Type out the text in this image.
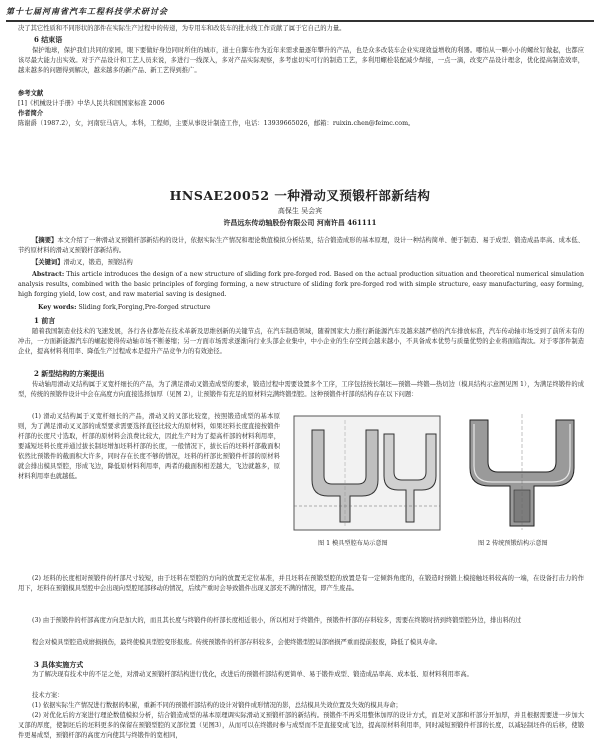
第十七届河南省汽车工程科技学术研讨会
决了其它性质和不同形状的部件在实际生产过程中的传递，为专用车和改装车的批水线工作贡献了属于它自己的力量。
6 结束语
保护地球，保护我们共同的家园，眼下要做好身边同时所住的城市，道士自脚车作为近年来需求量逐年攀升的产品，也是众多改装车企业实现效益增收的利器。哪怕从一颗小小的螺丝钉做起，也都应该尽最大能力出实效。对于产品设计和工艺人员来说，多进行一线深入，多对产品实际观察，多考虑切实可行的制造工艺，多利用螺栓装配减少焊接，一点一滴，改变产品设计理念，优化提高制造效率，越来越多的问题得到解决，越来越多的新产品、新工艺得到推广。
参考文献
[1]《机械设计手册》中华人民共和国国家标准 2006
作者简介
陈谢爵（1987.2），女，河南驻马店人，本科，工程师，主要从事设计制造工作，电话：13939665026，邮箱：ruixin.chen@feimc.com。
HNSAE20052 一种滑动叉预锻杆部新结构
高保生 吴会宾
许昌远东传动轴股份有限公司 河南许昌 461111
【摘要】本文介绍了一种滑动叉预锻杆部新结构的设计，依据实际生产情况和理论数值模拟分析结果，结合锻造成形的基本原理，设计一种结构简单、便于制造、易于成型、锻造成品率高、成本低、节约原材料的滑动叉预锻杆部新结构。
【关键词】滑动叉，锻造，预锻结构
Abstract: This article introduces the design of a new structure of sliding fork pre-forged rod. Based on the actual production situation and theoretical numerical simulation analysis results, combined with the basic principles of forging forming, a new structure of sliding fork pre-forged rod with simple structure, easy manufacturing, easy forming, high forging yield, low cost, and raw material saving is designed.
Key words: Sliding fork,Forging,Pre-forged structure
1 前言
随着我国制造业技术的飞速发展，各行各业都处在技术革新及思维创新的关键节点，在汽车制造领域，随着国家大力推行新能源汽车及越来越严格的汽车排放标准，汽车传动轴市场受到了前所未有的冲击，一方面新能源汽车的崛起使得传动轴市场不断萎缩；另一方面市场需求逐渐向行业头部企业集中，中小企业的生存空间会越来越小，不具备成本优势与质量优势的企业将面临淘汰。对于零部件制造企业，提高材料利用率、降低生产过程成本是提升产品竞争力的有效途径。
2 新型结构的方案提出
传动轴用滑动叉结构属于叉宽杆细长的产品，为了满足滑动叉锻造成型的要求，锻造过程中需要设置多个工序，工序包括按长制坯—预锻—终锻—热切边（模具结构示意图见图 1），为满足终锻件的成型，传统的预锻件设计中会在高度方向直接选择加厚（见图 2），让预锻件有充足的原材料完满终锻型腔。这种预锻件杆部的结构存在以下问题：
(1) 滑动叉结构属于叉宽杆细长的产品，滑动叉的叉部比较宽，按照锻造成型的基本原则，为了满足滑动叉叉部的成型要求需要选择直径比较大的原材料，如果坯料长度直接按锻件杆部的长度尺寸选取，杆部的原材料会浪费比较大，因此生产时为了提高杆部的材料利用率，要减短坯料长度并通过拔长制坯增加坯料杆部的长度，一般情况下，拔长后的坯料杆部截面积依然比预锻件的截面积大许多，同时存在长度不够的情况，坯料的杆部比预锻件杆部的原材料就会排出模具型腔，形成飞边，降低原材料利用率，两者的截面积相差越大，飞边就越多，原材料利用率也就越低。
(2) 坯料的长度相对预锻件的杆部尺寸较短，由于坯料在型腔的方向的放置无定位基准，并且坯料在预锻型腔的放置是有一定倾斜角度的，在锻造时预锻上模接触坯料较高的一端，在设备打击力的作用下，坯料在预锻模具型腔中会出现向型腔尾部移动的情况，后续产重时会导致锻件出现叉部充不满的情况，即产生废品。
(3) 由于预锻件的杆部高度方向是加大的，而且其长度与终锻件的杆部长度相近很小，所以相对于终锻件，预锻件杆部的存料较多，需要在终锻时挤到终锻型腔外边，排出料的过
程会对模具型腔造成磨损损伤，最终使模具型腔变形报废。传统预锻件的杆部存料较多，会使终锻型腔局部磨损严重而提前报废，降低了模具寿命。
3 具体实施方式
为了解决现有技术中的不足之处，对滑动叉预锻杆部结构进行优化，改进后的预锻杆部结构更简单、易于锻件成型、锻造成品率高、成本低、原材料利用率高。
技术方案：
(1) 依据实际生产情况进行数据的积累，重新不同的预锻杆部结构的设计对锻件成形情况的影，总结模具失效位置及失效的模具寿命；
(2) 对优化后的方案进行理论数值模拟分析，结合锻造成型的基本原理调实际滑动叉预锻杆部的新结构。预锻件不再采用整体加厚的设计方式，而是对叉部和杆部分开加厚，并且根据需要进一步加大叉部的厚度，使制坯后的坯料更多的保留在预锻型腔的叉部位置（见图3），从而可以在终锻时参与成型而不是直接变成飞边，提高原材料利用率，同时减短预锻件杆部的长度，以减轻制坯件的后移，使锻件更易成型，预锻杆部的高度方向使其与终锻件的宽相同，
图 1 模具型腔布局示意图	图 2 传统预锻结构示意图
